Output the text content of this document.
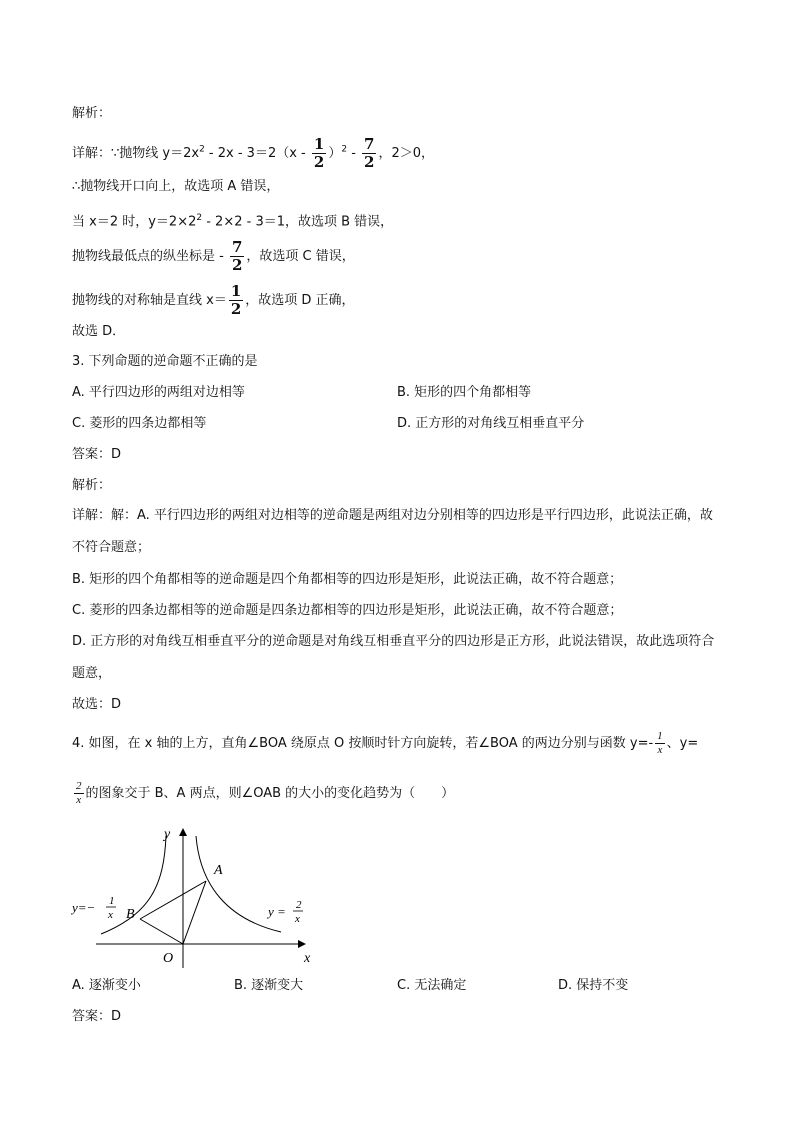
解析：
详解：∵抛物线 $y=2x^2 - 2x - 3=2(x - \frac{1}{2} )^2 - \frac{7}{2}$ ，2＞0，
∴抛物线开口向上，故选项 A 错误，
当 x＝2 时，$y=2\times 2^2 - 2\times 2 - 3=1$，故选项 B 错误，
抛物线最低点的纵坐标是 - $\frac{7}{2}$ ，故选项 C 错误，
抛物线的对称轴是直线 $x= \frac{1}{2}$ ，故选项 D 正确，
故选 D．
3. 下列命题的逆命题不正确的是
A. 平行四边形的两组对边相等	B. 矩形的四个角都相等
C. 菱形的四条边都相等	D. 正方形的对角线互相垂直平分
答案：D
解析：
详解：解：A. 平行四边形的两组对边相等的逆命题是两组对边分别相等的四边形是平行四边形，此说法正确，故不符合题意；
B. 矩形的四个角都相等的逆命题是四个角都相等的四边形是矩形，此说法正确，故不符合题意；
C. 菱形的四条边都相等的逆命题是四条边都相等的四边形是矩形，此说法正确，故不符合题意；
D. 正方形的对角线互相垂直平分的逆命题是对角线互相垂直平分的四边形是正方形，此说法错误，故此选项符合题意，
故选：D
4. 如图，在 x 轴的上方，直角∠BOA 绕原点 O 按顺时针方向旋转，若∠BOA 的两边分别与函数 $y=- \frac{1}{x}$ 、y=
$\frac{2}{x}$ 的图象交于 B、A 两点，则∠OAB 的大小的变化趋势为（　　）
y
x
O
A
B
y=− 1
x	y = 2
x
A. 逐渐变小	B. 逐渐变大	C. 无法确定	D. 保持不变
答案：D
